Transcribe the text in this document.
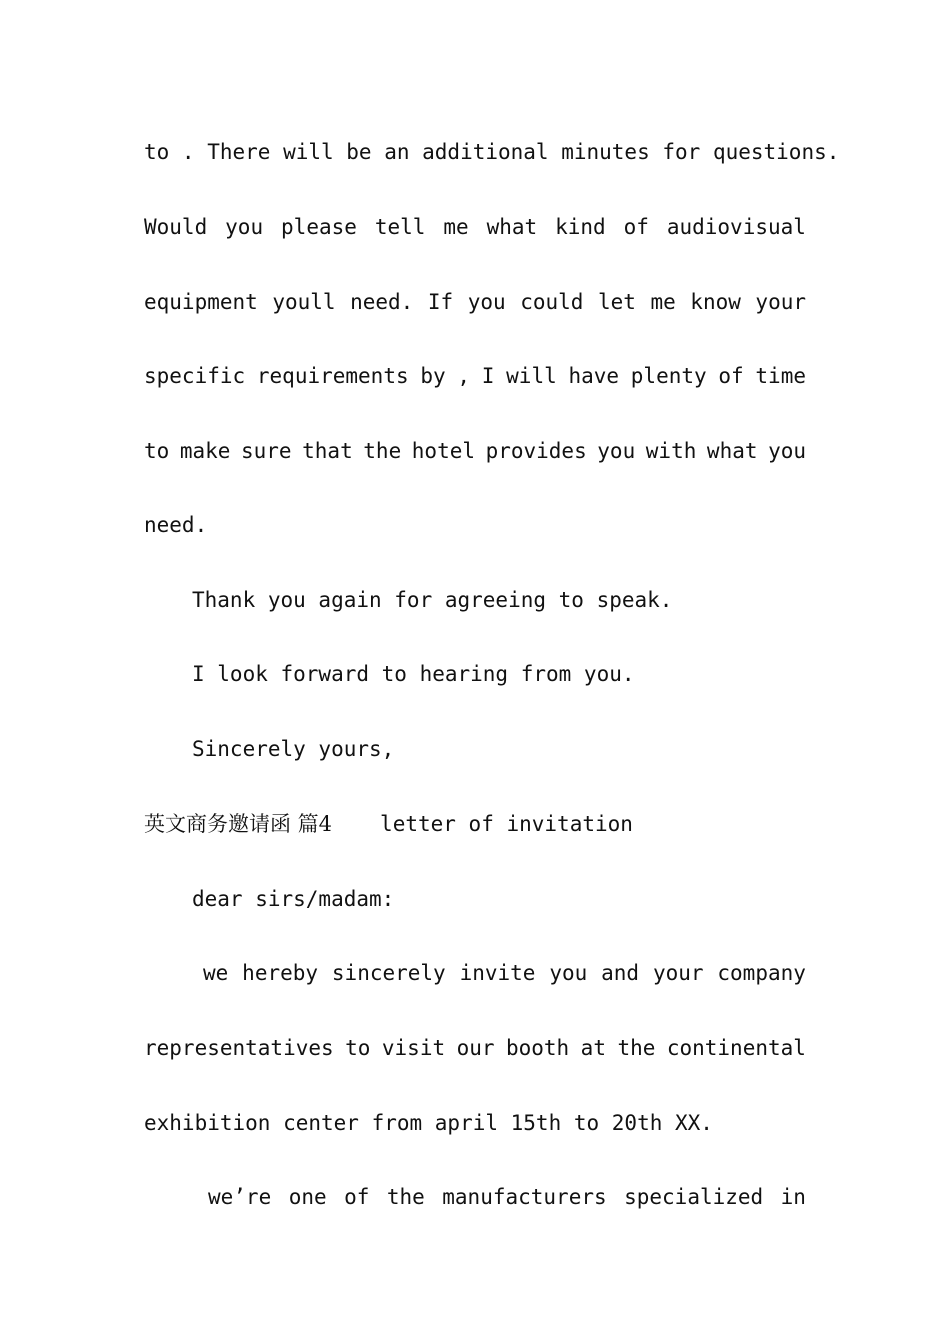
to . There will be an additional minutes for questions.
Would you please tell me what kind of audiovisual
equipment youll need. If you could let me know your
specific requirements by , I will have plenty of time
to make sure that the hotel provides you with what you
need.
Thank you again for agreeing to speak.
I look forward to hearing from you.
Sincerely yours,
英文商务邀请函 篇4 letter of invitation
dear sirs/madam:
we hereby sincerely invite you and your company
representatives to visit our booth at the continental
exhibition center from april 15th to 20th XX.
we’re one of the manufacturers specialized in
